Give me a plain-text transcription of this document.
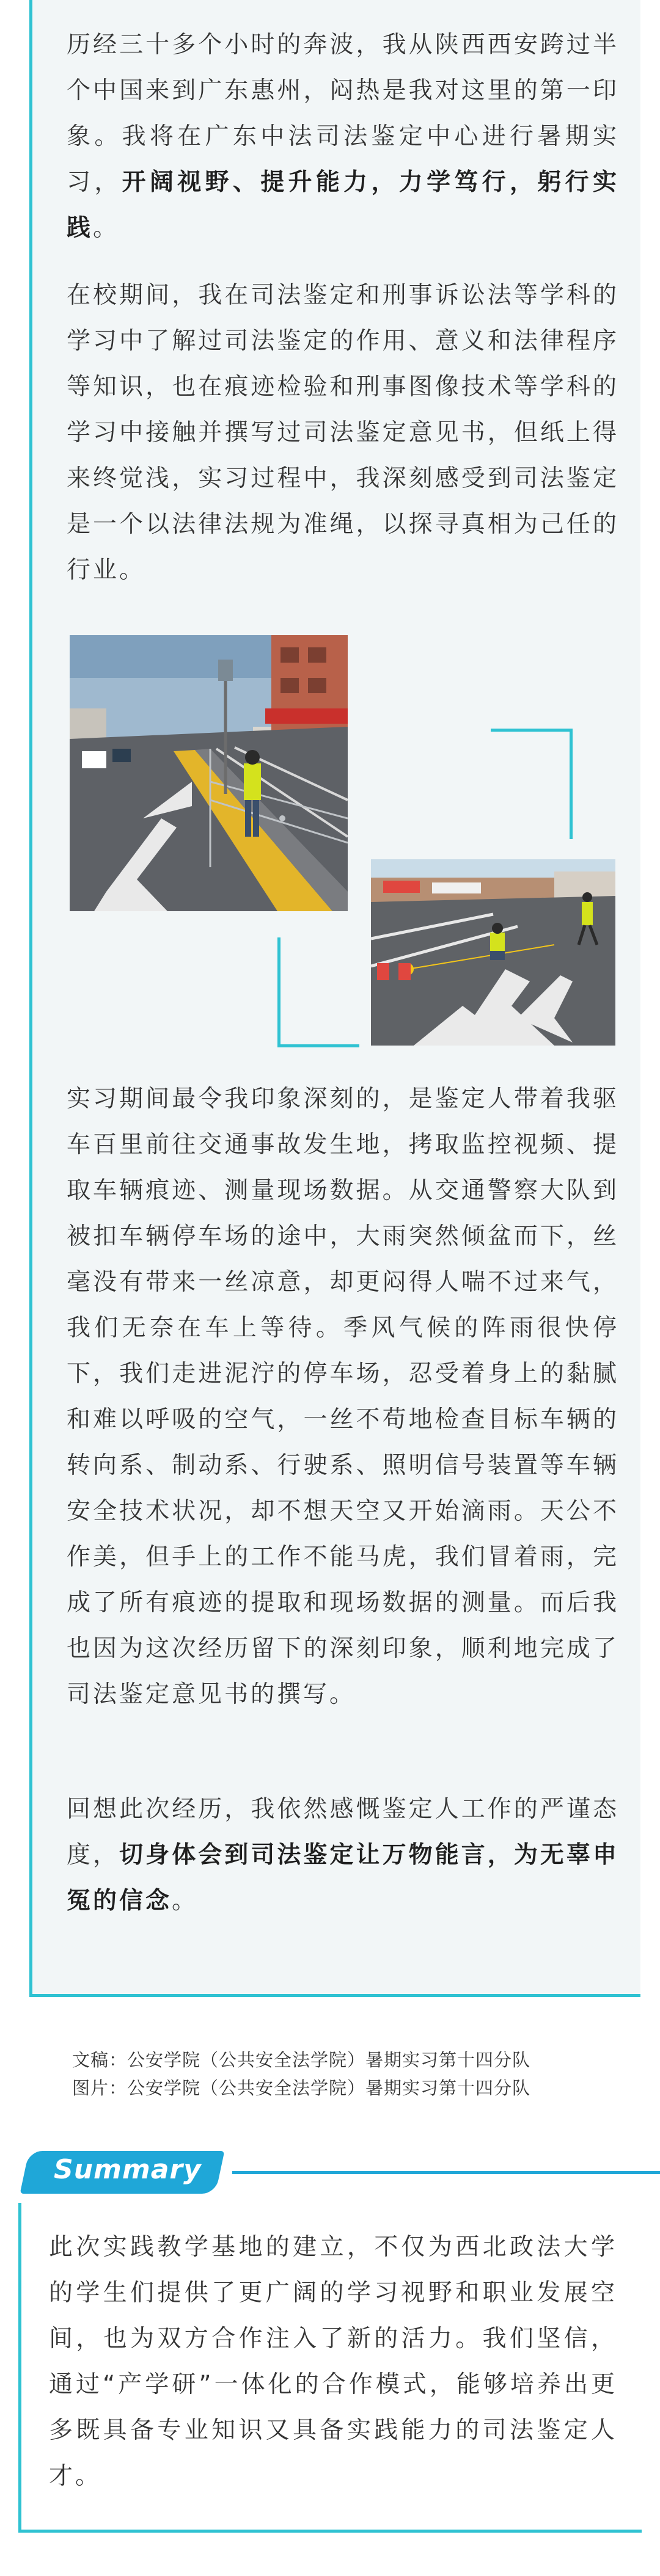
历经三十多个小时的奔波，我从陕西西安跨过半个中国来到广东惠州，闷热是我对这里的第一印象。我将在广东中法司法鉴定中心进行暑期实习，开阔视野、提升能力，力学笃行，躬行实践。

在校期间，我在司法鉴定和刑事诉讼法等学科的学习中了解过司法鉴定的作用、意义和法律程序等知识，也在痕迹检验和刑事图像技术等学科的学习中接触并撰写过司法鉴定意见书，但纸上得来终觉浅，实习过程中，我深刻感受到司法鉴定是一个以法律法规为准绳，以探寻真相为己任的行业。

实习期间最令我印象深刻的，是鉴定人带着我驱车百里前往交通事故发生地，拷取监控视频、提取车辆痕迹、测量现场数据。从交通警察大队到被扣车辆停车场的途中，大雨突然倾盆而下，丝毫没有带来一丝凉意，却更闷得人喘不过来气，我们无奈在车上等待。季风气候的阵雨很快停下，我们走进泥泞的停车场，忍受着身上的黏腻和难以呼吸的空气，一丝不苟地检查目标车辆的转向系、制动系、行驶系、照明信号装置等车辆安全技术状况，却不想天空又开始滴雨。天公不作美，但手上的工作不能马虎，我们冒着雨，完成了所有痕迹的提取和现场数据的测量。而后我也因为这次经历留下的深刻印象，顺利地完成了司法鉴定意见书的撰写。

回想此次经历，我依然感慨鉴定人工作的严谨态度，切身体会到司法鉴定让万物能言，为无辜申冤的信念。

文稿：公安学院（公共安全法学院）暑期实习第十四分队
图片：公安学院（公共安全法学院）暑期实习第十四分队
Summary

此次实践教学基地的建立，不仅为西北政法大学的学生们提供了更广阔的学习视野和职业发展空间，也为双方合作注入了新的活力。我们坚信，通过“产学研”一体化的合作模式，能够培养出更多既具备专业知识又具备实践能力的司法鉴定人才。
